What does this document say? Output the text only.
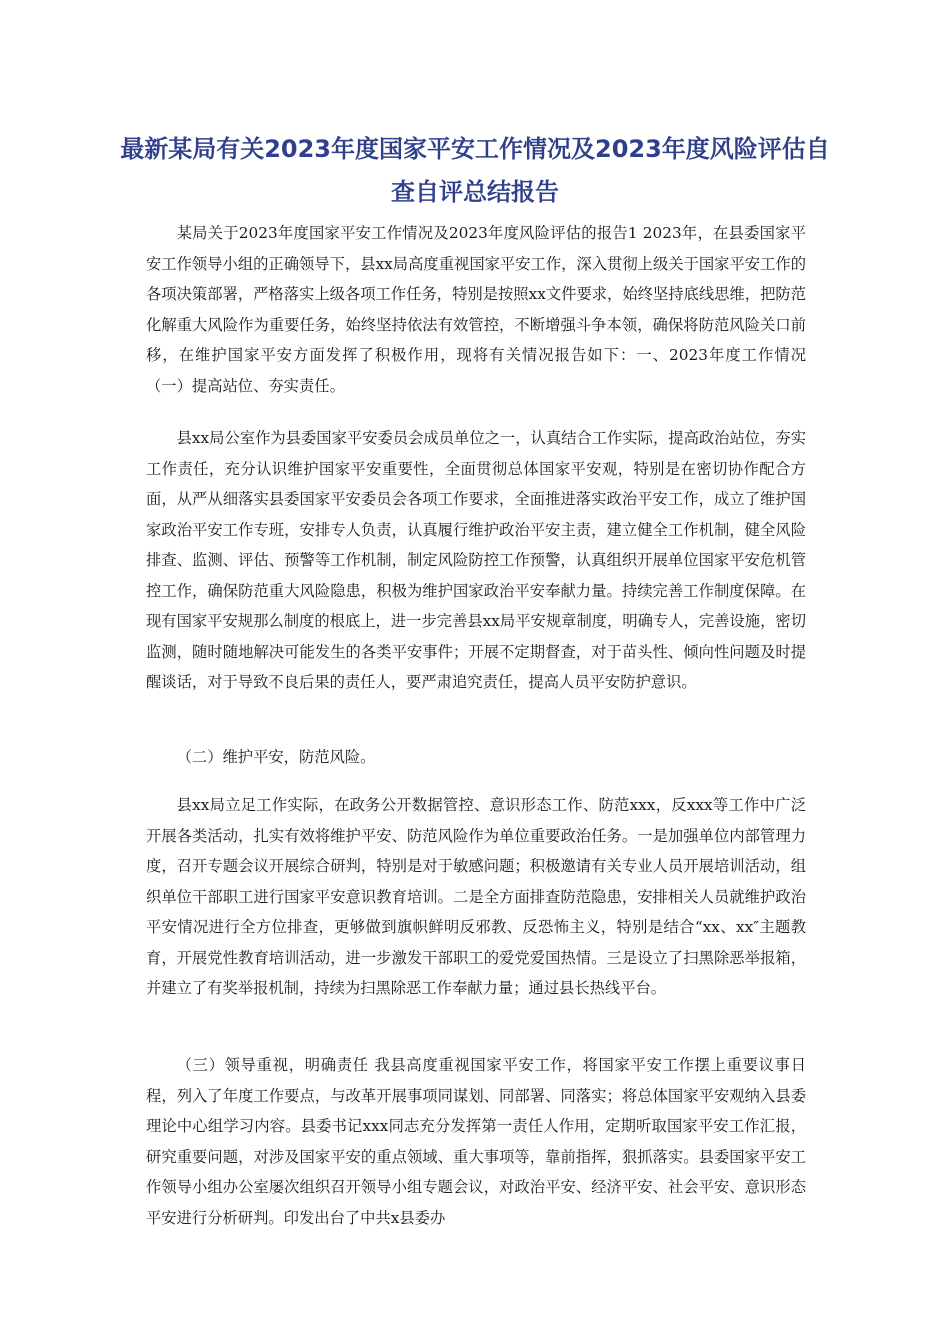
最新某局有关2023年度国家平安工作情况及2023年度风险评估自查自评总结报告

某局关于2023年度国家平安工作情况及2023年度风险评估的报告1 2023年，在县委国家平安工作领导小组的正确领导下，县xx局高度重视国家平安工作，深入贯彻上级关于国家平安工作的各项决策部署，严格落实上级各项工作任务，特别是按照xx文件要求，始终坚持底线思维，把防范化解重大风险作为重要任务，始终坚持依法有效管控，不断增强斗争本领，确保将防范风险关口前移，在维护国家平安方面发挥了积极作用，现将有关情况报告如下：一、2023年度工作情况 （一）提高站位、夯实责任。

县xx局公室作为县委国家平安委员会成员单位之一，认真结合工作实际，提高政治站位，夯实工作责任，充分认识维护国家平安重要性，全面贯彻总体国家平安观，特别是在密切协作配合方面，从严从细落实县委国家平安委员会各项工作要求，全面推进落实政治平安工作，成立了维护国家政治平安工作专班，安排专人负责，认真履行维护政治平安主责，建立健全工作机制，健全风险排查、监测、评估、预警等工作机制，制定风险防控工作预警，认真组织开展单位国家平安危机管控工作，确保防范重大风险隐患，积极为维护国家政治平安奉献力量。持续完善工作制度保障。在现有国家平安规那么制度的根底上，进一步完善县xx局平安规章制度，明确专人，完善设施，密切监测，随时随地解决可能发生的各类平安事件；开展不定期督查，对于苗头性、倾向性问题及时提醒谈话，对于导致不良后果的责任人，要严肃追究责任，提高人员平安防护意识。

（二）维护平安，防范风险。

县xx局立足工作实际，在政务公开数据管控、意识形态工作、防范xxx，反xxx等工作中广泛开展各类活动，扎实有效将维护平安、防范风险作为单位重要政治任务。一是加强单位内部管理力度，召开专题会议开展综合研判，特别是对于敏感问题；积极邀请有关专业人员开展培训活动，组织单位干部职工进行国家平安意识教育培训。二是全方面排查防范隐患，安排相关人员就维护政治平安情况进行全方位排查，更够做到旗帜鲜明反邪教、反恐怖主义，特别是结合“xx、xx″主题教育，开展党性教育培训活动，进一步激发干部职工的爱党爱国热情。三是设立了扫黑除恶举报箱，并建立了有奖举报机制，持续为扫黑除恶工作奉献力量；通过县长热线平台。

（三）领导重视，明确责任 我县高度重视国家平安工作，将国家平安工作摆上重要议事日程，列入了年度工作要点，与改革开展事项同谋划、同部署、同落实；将总体国家平安观纳入县委理论中心组学习内容。县委书记xxx同志充分发挥第一责任人作用，定期听取国家平安工作汇报，研究重要问题，对涉及国家平安的重点领域、重大事项等，靠前指挥，狠抓落实。县委国家平安工作领导小组办公室屡次组织召开领导小组专题会议，对政治平安、经济平安、社会平安、意识形态平安进行分析研判。印发出台了中共x县委办
